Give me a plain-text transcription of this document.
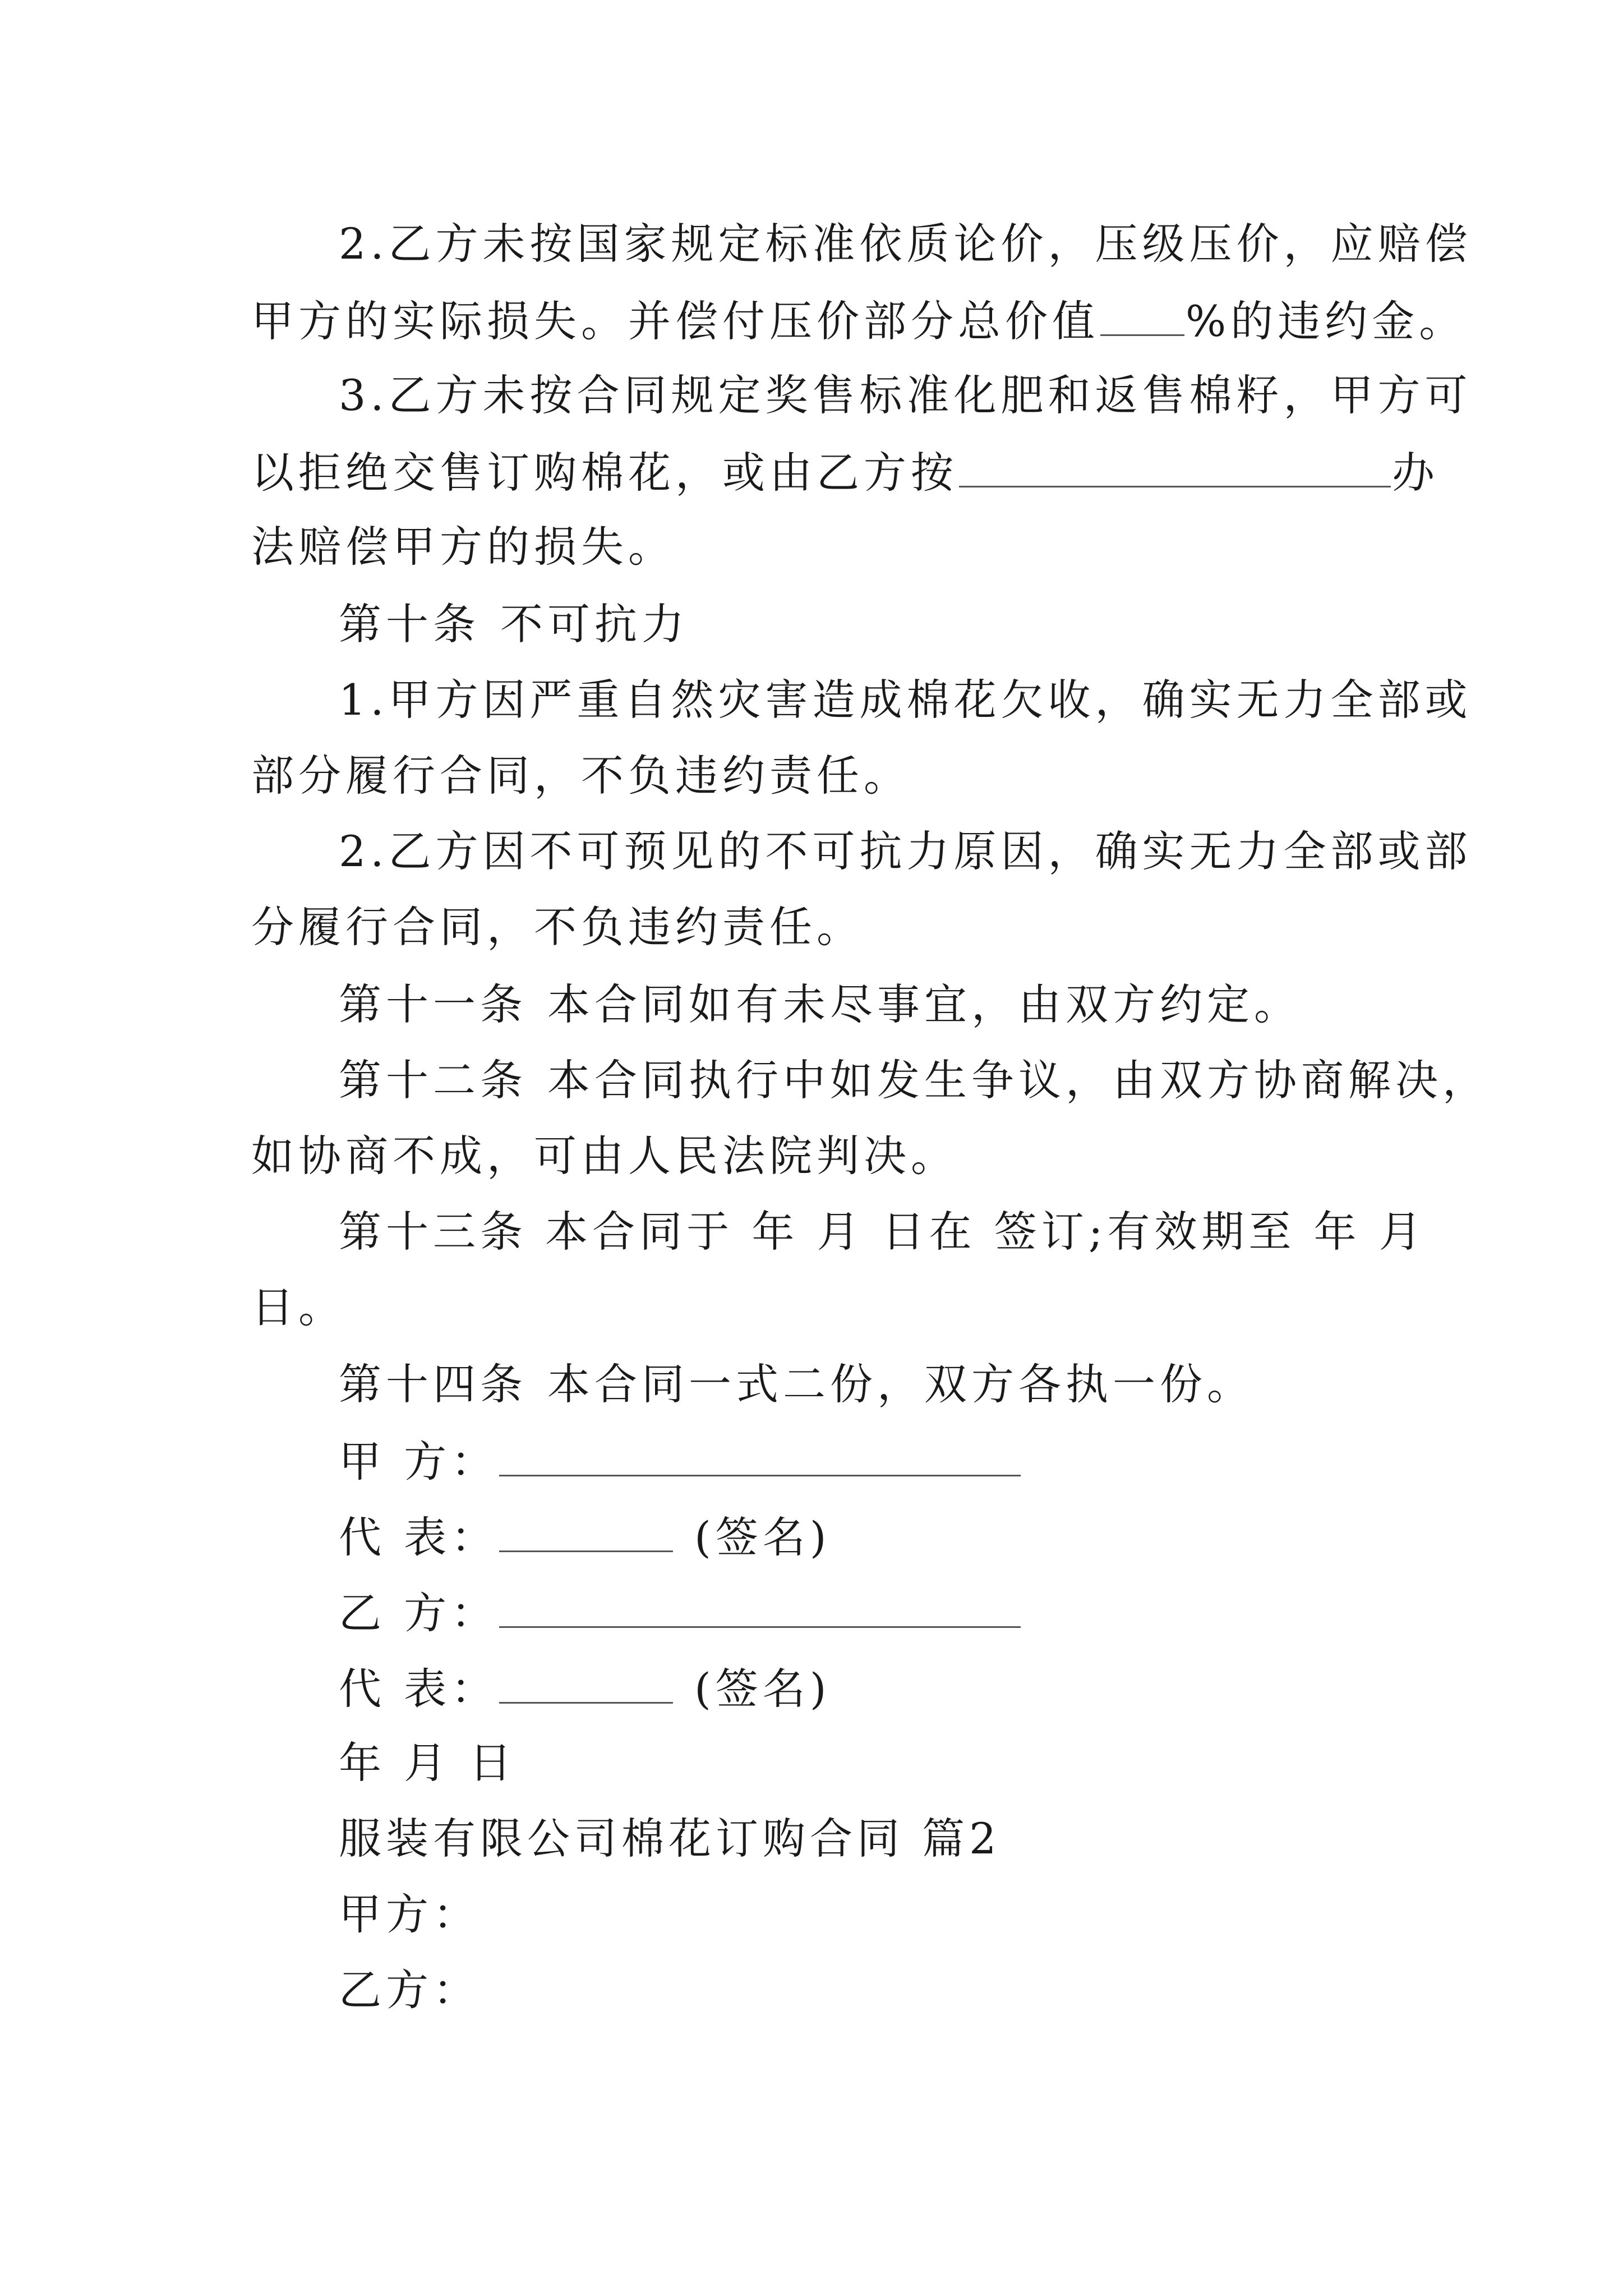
2.乙方未按国家规定标准依质论价，压级压价，应赔偿
甲方的实际损失。并偿付压价部分总价值 %的违约金。
3.乙方未按合同规定奖售标准化肥和返售棉籽，甲方可
以拒绝交售订购棉花，或由乙方按	办
法赔偿甲方的损失。
第十条 不可抗力
1.甲方因严重自然灾害造成棉花欠收，确实无力全部或
部分履行合同，不负违约责任。
2.乙方因不可预见的不可抗力原因，确实无力全部或部
分履行合同，不负违约责任。
第十一条 本合同如有未尽事宜，由双方约定。
第十二条 本合同执行中如发生争议，由双方协商解决，
如协商不成，可由人民法院判决。
第十三条 本合同于 年 月 日在 签订;有效期至 年 月
日。
第十四条 本合同一式二份，双方各执一份。
甲 方：
代 表：	(签名)
乙 方：
代 表：	(签名)
年 月 日
服装有限公司棉花订购合同 篇2
甲方：
乙方：
